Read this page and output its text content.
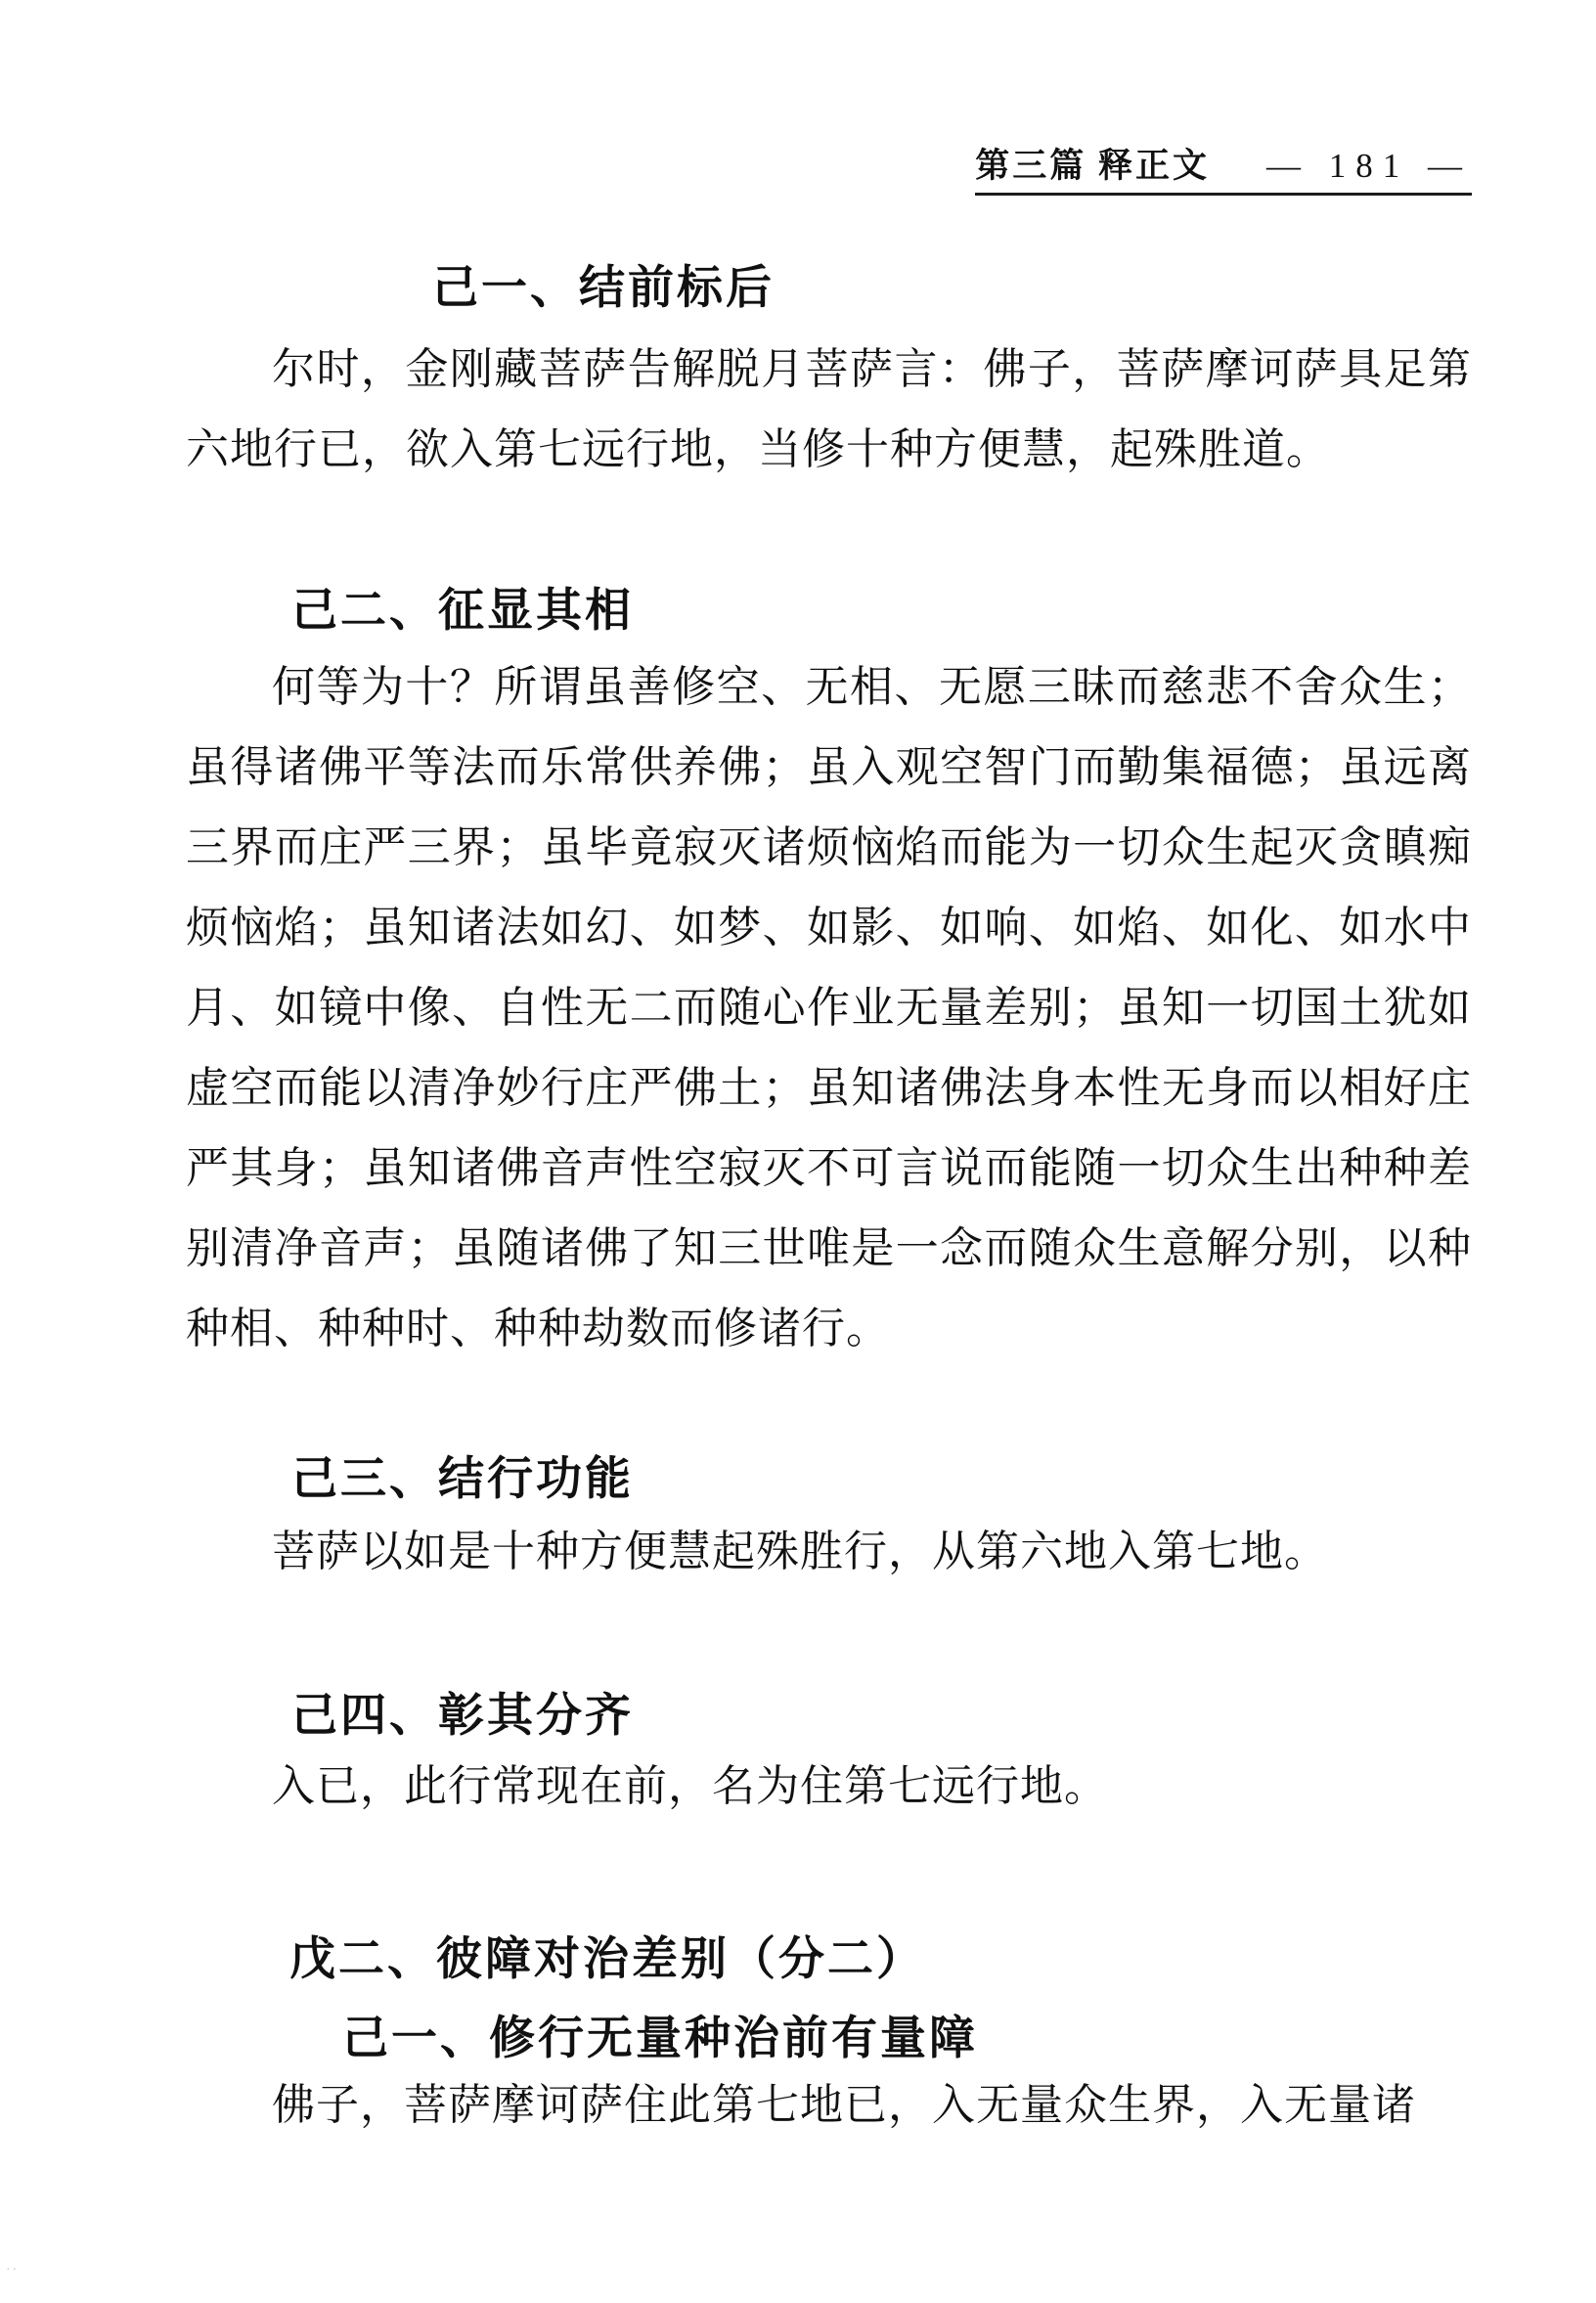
第三篇 释正文 — 181 —
己一、结前标后

尔时，金刚藏菩萨告解脱月菩萨言：佛子，菩萨摩诃萨具足第六地行已，欲入第七远行地，当修十种方便慧，起殊胜道。

己二、征显其相

何等为十？所谓虽善修空、无相、无愿三昧而慈悲不舍众生；虽得诸佛平等法而乐常供养佛；虽入观空智门而勤集福德；虽远离三界而庄严三界；虽毕竟寂灭诸烦恼焰而能为一切众生起灭贪瞋痴烦恼焰；虽知诸法如幻、如梦、如影、如响、如焰、如化、如水中月、如镜中像、自性无二而随心作业无量差别；虽知一切国土犹如虚空而能以清净妙行庄严佛土；虽知诸佛法身本性无身而以相好庄严其身；虽知诸佛音声性空寂灭不可言说而能随一切众生出种种差别清净音声；虽随诸佛了知三世唯是一念而随众生意解分别，以种种相、种种时、种种劫数而修诸行。

己三、结行功能

菩萨以如是十种方便慧起殊胜行，从第六地入第七地。

己四、彰其分齐

入已，此行常现在前，名为住第七远行地。

戊二、彼障对治差别（分二）
己一、修行无量种治前有量障

佛子，菩萨摩诃萨住此第七地已，入无量众生界，入无量诸

··
